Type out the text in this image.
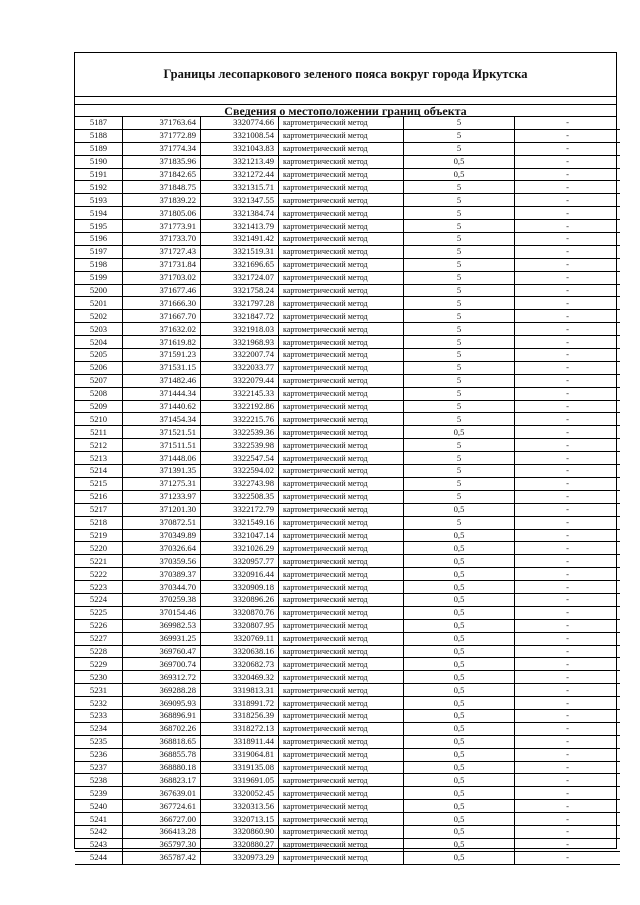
Границы лесопаркового зеленого пояса вокруг города Иркутска
Сведения о местоположении границ объекта
5187	371763.64	3320774.66	картометрический метод	5	-
5188	371772.89	3321008.54	картометрический метод	5	-
5189	371774.34	3321043.83	картометрический метод	5	-
5190	371835.96	3321213.49	картометрический метод	0,5	-
5191	371842.65	3321272.44	картометрический метод	0,5	-
5192	371848.75	3321315.71	картометрический метод	5	-
5193	371839.22	3321347.55	картометрический метод	5	-
5194	371805.06	3321384.74	картометрический метод	5	-
5195	371773.91	3321413.79	картометрический метод	5	-
5196	371733.70	3321491.42	картометрический метод	5	-
5197	371727.43	3321519.31	картометрический метод	5	-
5198	371731.84	3321696.65	картометрический метод	5	-
5199	371703.02	3321724.07	картометрический метод	5	-
5200	371677.46	3321758.24	картометрический метод	5	-
5201	371666.30	3321797.28	картометрический метод	5	-
5202	371667.70	3321847.72	картометрический метод	5	-
5203	371632.02	3321918.03	картометрический метод	5	-
5204	371619.82	3321968.93	картометрический метод	5	-
5205	371591.23	3322007.74	картометрический метод	5	-
5206	371531.15	3322033.77	картометрический метод	5	-
5207	371482.46	3322079.44	картометрический метод	5	-
5208	371444.34	3322145.33	картометрический метод	5	-
5209	371440.62	3322192.86	картометрический метод	5	-
5210	371454.34	3322215.76	картометрический метод	5	-
5211	371521.51	3322539.36	картометрический метод	0,5	-
5212	371511.51	3322539.98	картометрический метод	5	-
5213	371448.06	3322547.54	картометрический метод	5	-
5214	371391.35	3322594.02	картометрический метод	5	-
5215	371275.31	3322743.98	картометрический метод	5	-
5216	371233.97	3322508.35	картометрический метод	5	-
5217	371201.30	3322172.79	картометрический метод	0,5	-
5218	370872.51	3321549.16	картометрический метод	5	-
5219	370349.89	3321047.14	картометрический метод	0,5	-
5220	370326.64	3321026.29	картометрический метод	0,5	-
5221	370359.56	3320957.77	картометрический метод	0,5	-
5222	370389.37	3320916.44	картометрический метод	0,5	-
5223	370344.70	3320909.18	картометрический метод	0,5	-
5224	370259.38	3320896.26	картометрический метод	0,5	-
5225	370154.46	3320870.76	картометрический метод	0,5	-
5226	369982.53	3320807.95	картометрический метод	0,5	-
5227	369931.25	3320769.11	картометрический метод	0,5	-
5228	369760.47	3320638.16	картометрический метод	0,5	-
5229	369700.74	3320682.73	картометрический метод	0,5	-
5230	369312.72	3320469.32	картометрический метод	0,5	-
5231	369288.28	3319813.31	картометрический метод	0,5	-
5232	369095.93	3318991.72	картометрический метод	0,5	-
5233	368896.91	3318256.39	картометрический метод	0,5	-
5234	368702.26	3318272.13	картометрический метод	0,5	-
5235	368818.65	3318911.44	картометрический метод	0,5	-
5236	368855.78	3319064.81	картометрический метод	0,5	-
5237	368880.18	3319135.08	картометрический метод	0,5	-
5238	368823.17	3319691.05	картометрический метод	0,5	-
5239	367639.01	3320052.45	картометрический метод	0,5	-
5240	367724.61	3320313.56	картометрический метод	0,5	-
5241	366727.00	3320713.15	картометрический метод	0,5	-
5242	366413.28	3320860.90	картометрический метод	0,5	-
5243	365797.30	3320880.27	картометрический метод	0,5	-
5244	365787.42	3320973.29	картометрический метод	0,5	-
